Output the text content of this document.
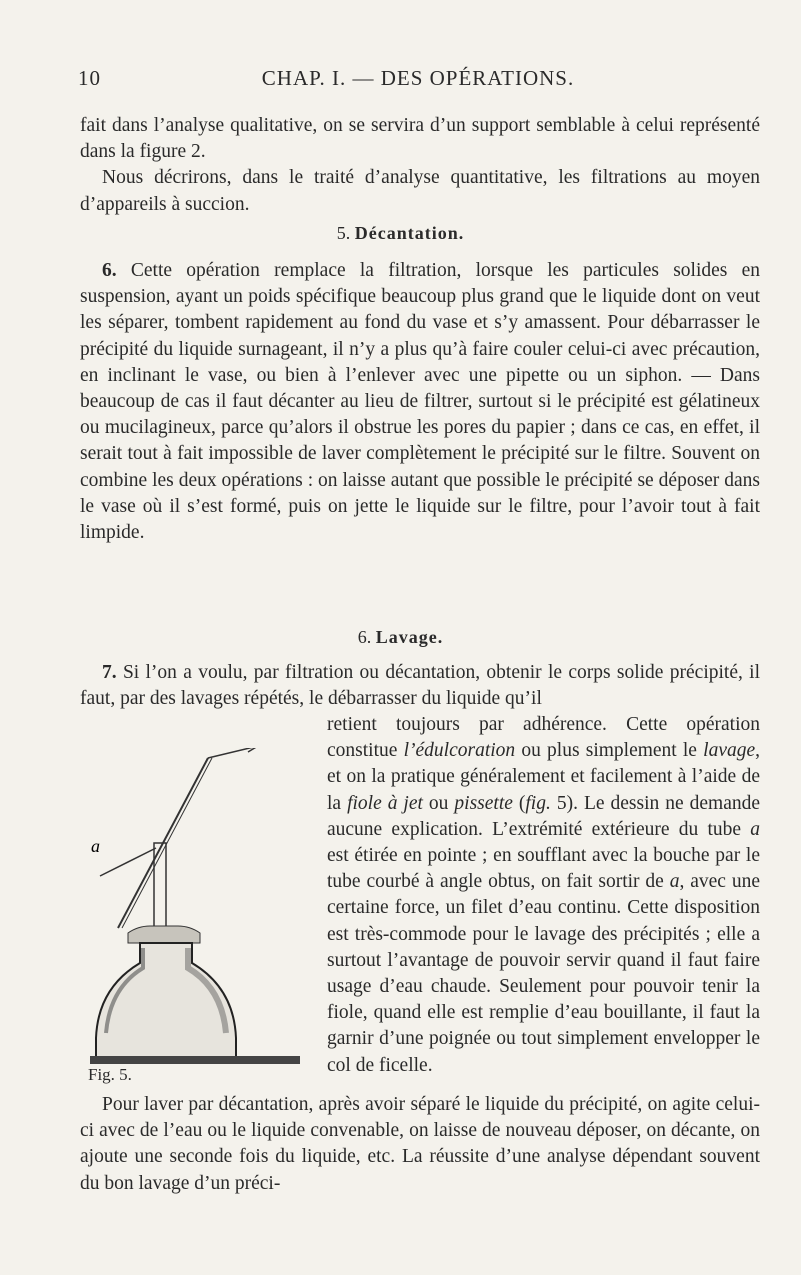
10	CHAP. I. — DES OPÉRATIONS.

fait dans l’analyse qualitative, on se servira d’un support semblable à celui représenté dans la figure 2.

Nous décrirons, dans le traité d’analyse quantitative, les filtrations au moyen d’appareils à succion.

5. Décantation.

6. Cette opération remplace la filtration, lorsque les particules solides en suspension, ayant un poids spécifique beaucoup plus grand que le liquide dont on veut les séparer, tombent rapidement au fond du vase et s’y amassent. Pour débarrasser le précipité du liquide surnageant, il n’y a plus qu’à faire couler celui-ci avec précaution, en inclinant le vase, ou bien à l’enlever avec une pipette ou un siphon. — Dans beaucoup de cas il faut décanter au lieu de filtrer, surtout si le précipité est gélatineux ou mucilagineux, parce qu’alors il obstrue les pores du papier ; dans ce cas, en effet, il serait tout à fait impossible de laver complètement le précipité sur le filtre. Souvent on combine les deux opérations : on laisse autant que possible le précipité se déposer dans le vase où il s’est formé, puis on jette le liquide sur le filtre, pour l’avoir tout à fait limpide.

6. Lavage.

7. Si l’on a voulu, par filtration ou décantation, obtenir le corps solide précipité, il faut, par des lavages répétés, le débarrasser du liquide qu’il

retient toujours par adhérence. Cette opération constitue l’édulcoration ou plus simplement le lavage, et on la pratique généralement et facilement à l’aide de la fiole à jet ou pissette (fig. 5). Le dessin ne demande aucune explication. L’extrémité extérieure du tube a est étirée en pointe ; en soufflant avec la bouche par le tube courbé à angle obtus, on fait sortir de a, avec une certaine force, un filet d’eau continu. Cette disposition est très-commode pour le lavage des précipités ; elle a surtout l’avantage de pouvoir servir quand il faut faire usage d’eau chaude. Seulement pour pouvoir tenir la fiole, quand elle est remplie d’eau bouillante, il faut la garnir d’une poignée ou tout simplement envelopper le col de ficelle.

a
Fig. 5.

Pour laver par décantation, après avoir séparé le liquide du précipité, on agite celui-ci avec de l’eau ou le liquide convenable, on laisse de nouveau déposer, on décante, on ajoute une seconde fois du liquide, etc. La réussite d’une analyse dépendant souvent du bon lavage d’un préci-
